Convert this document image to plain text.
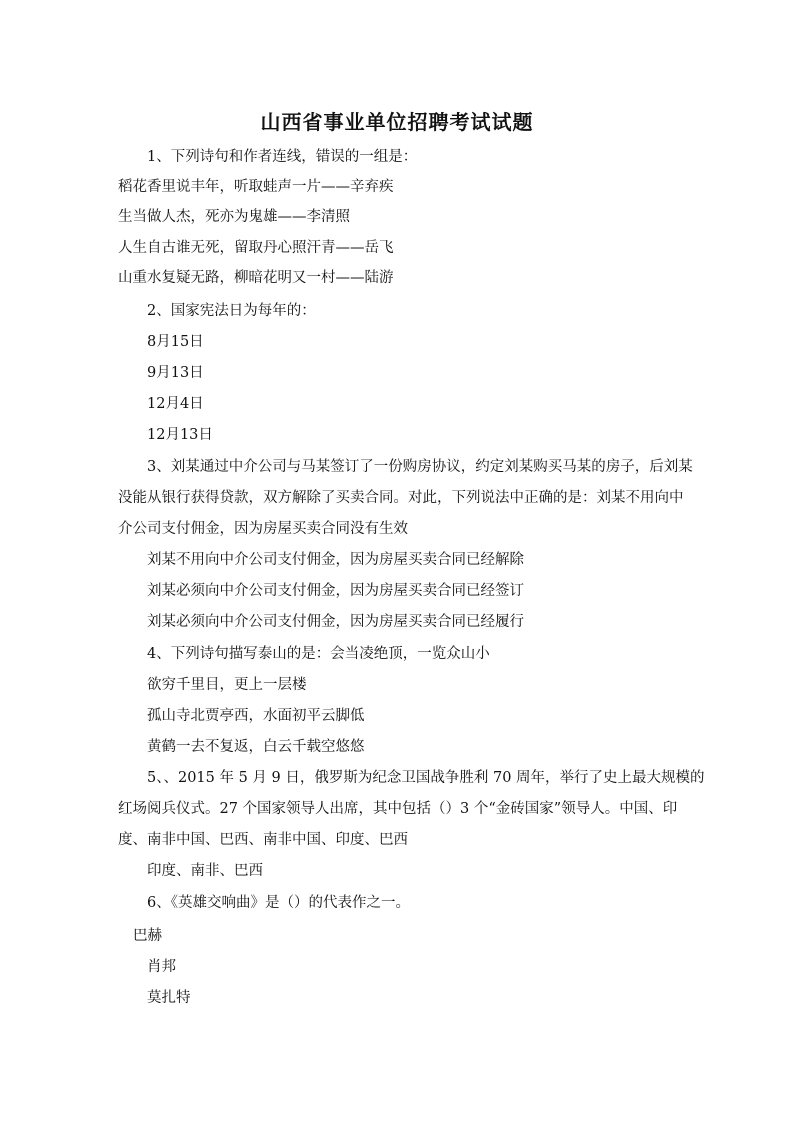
山西省事业单位招聘考试试题
1、下列诗句和作者连线，错误的一组是：
稻花香里说丰年，听取蛙声一片——辛弃疾
生当做人杰，死亦为鬼雄——李清照
人生自古谁无死，留取丹心照汗青——岳飞
山重水复疑无路，柳暗花明又一村——陆游
2、国家宪法日为每年的：
8月15日
9月13日
12月4日
12月13日
3、刘某通过中介公司与马某签订了一份购房协议，约定刘某购买马某的房子，后刘某
没能从银行获得贷款，双方解除了买卖合同。对此，下列说法中正确的是：刘某不用向中
介公司支付佣金，因为房屋买卖合同没有生效
刘某不用向中介公司支付佣金，因为房屋买卖合同已经解除
刘某必须向中介公司支付佣金，因为房屋买卖合同已经签订
刘某必须向中介公司支付佣金，因为房屋买卖合同已经履行
4、下列诗句描写泰山的是：会当凌绝顶，一览众山小
欲穷千里目，更上一层楼
孤山寺北贾亭西，水面初平云脚低
黄鹤一去不复返，白云千载空悠悠
5、、2015 年 5 月 9 日，俄罗斯为纪念卫国战争胜利 70 周年，举行了史上最大规模的
红场阅兵仪式。27 个国家领导人出席，其中包括（）3 个“金砖国家”领导人。中国、印
度、南非中国、巴西、南非中国、印度、巴西
印度、南非、巴西
6、《英雄交响曲》是（）的代表作之一。
巴赫
肖邦
莫扎特
